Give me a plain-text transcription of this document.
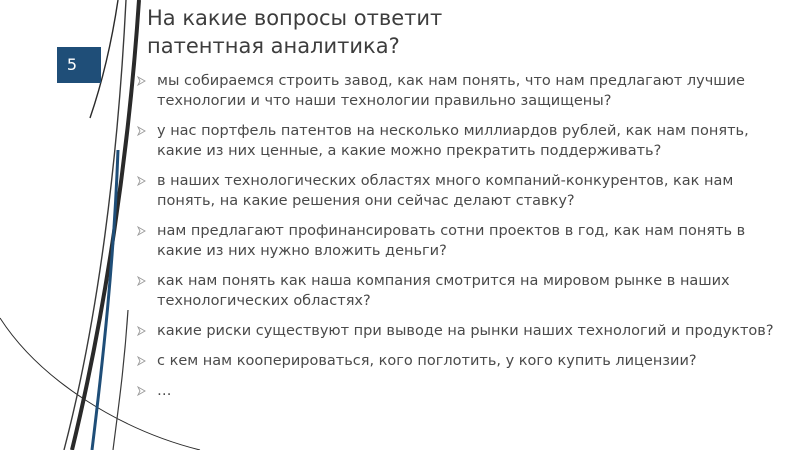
На какие вопросы ответит
патентная аналитика?
5
мы собираемся строить завод, как нам понять, что нам предлагают лучшие технологии и что наши технологии правильно защищены?
у нас портфель патентов на несколько миллиардов рублей, как нам понять, какие из них ценные, а какие можно прекратить поддерживать?
в наших технологических областях много компаний-конкурентов, как нам понять, на какие решения они сейчас делают ставку?
нам предлагают профинансировать сотни проектов в год, как нам понять в какие из них нужно вложить деньги?
как нам понять как наша компания смотрится на мировом рынке в наших технологических областях?
какие риски существуют при выводе на рынки наших технологий и продуктов?
с кем нам кооперироваться, кого поглотить, у кого купить лицензии?
…
